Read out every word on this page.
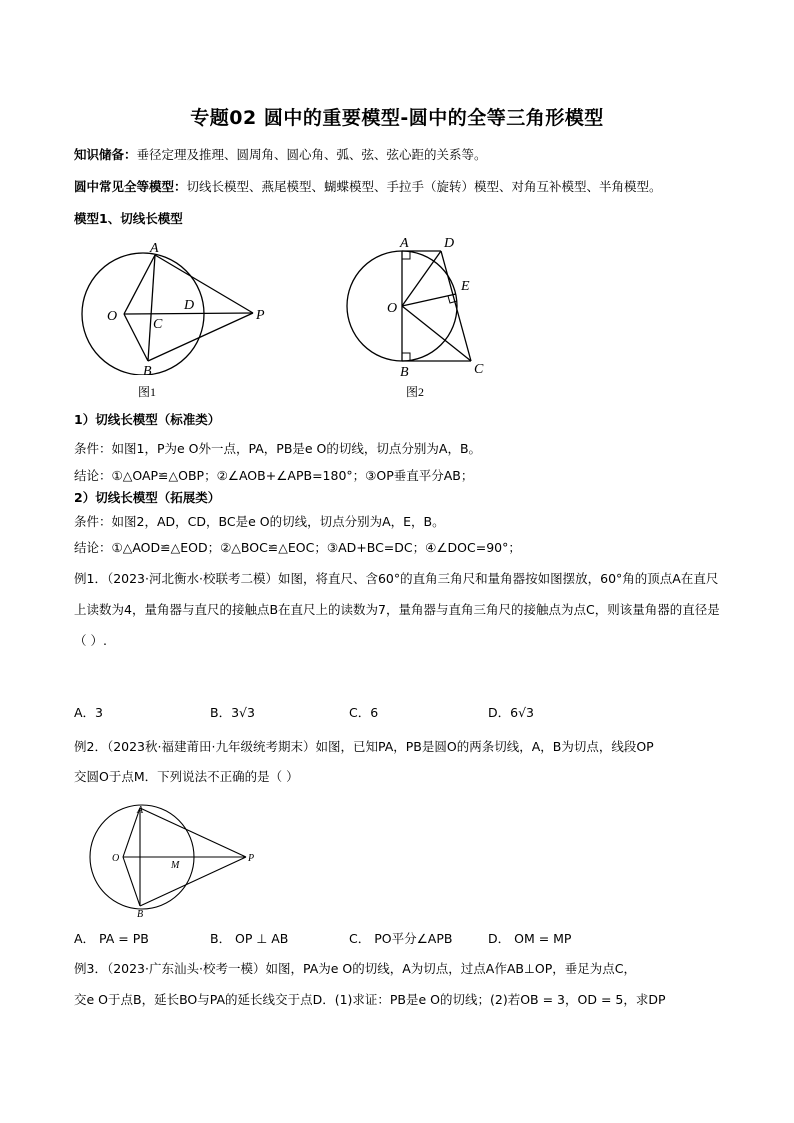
专题02 圆中的重要模型-圆中的全等三角形模型
知识储备：垂径定理及推理、圆周角、圆心角、弧、弦、弦心距的关系等。
圆中常见全等模型：切线长模型、燕尾模型、蝴蝶模型、手拉手（旋转）模型、对角互补模型、半角模型。
模型1、切线长模型
A
O
C
D
P
B
图1
A	D
O
E
B	C
图2
1）切线长模型（标准类）
条件：如图1，P为e O外一点，PA，PB是e O的切线，切点分别为A，B。
结论：①△OAP≌△OBP；②∠AOB+∠APB=180°；③OP垂直平分AB；
2）切线长模型（拓展类）
条件：如图2，AD，CD，BC是e O的切线，切点分别为A，E，B。
结论：①△AOD≌△EOD；②△BOC≌△EOC；③AD+BC=DC；④∠DOC=90°；
例1．（2023·河北衡水·校联考二模）如图，将直尺、含60°的直角三角尺和量角器按如图摆放，60°角的顶点A在直尺上读数为4，量角器与直尺的接触点B在直尺上的读数为7，量角器与直角三角尺的接触点为点C，则该量角器的直径是（ ）.
A．3	B．3√3	C．6	D．6√3
例2．（2023秋·福建莆田·九年级统考期末）如图，已知PA，PB是圆O的两条切线，A，B为切点，线段OP
交圆O于点M．下列说法不正确的是（ ）
A
O
M
P
B
A． PA = PB	B． OP ⊥ AB	C． PO平分∠APB	D． OM = MP
例3．（2023·广东汕头·校考一模）如图，PA为e O的切线，A为切点，过点A作AB⊥OP，垂足为点C，
交e O于点B，延长BO与PA的延长线交于点D．(1)求证：PB是e O的切线；(2)若OB = 3，OD = 5，求DP
